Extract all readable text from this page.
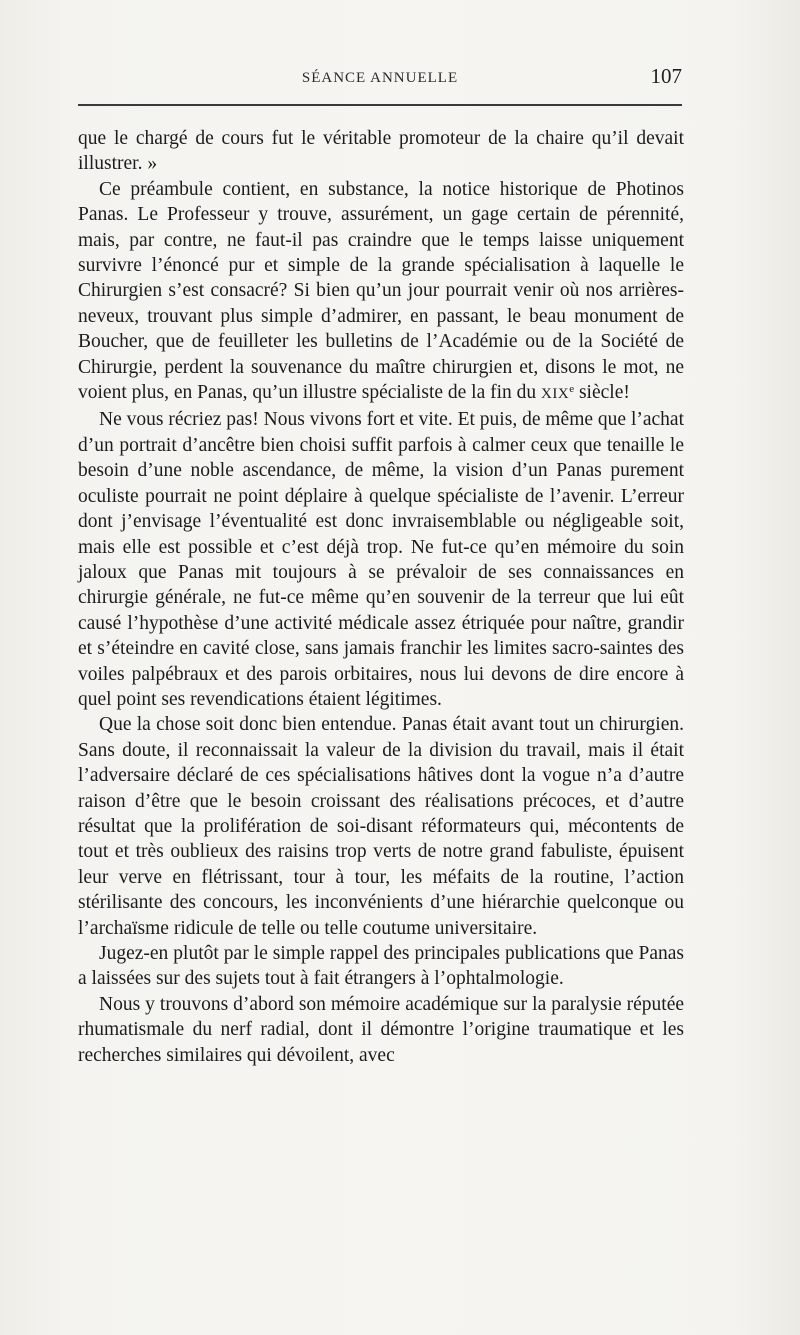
SÉANCE ANNUELLE	107

que le chargé de cours fut le véritable promoteur de la chaire qu’il devait illustrer. »

Ce préambule contient, en substance, la notice historique de Photinos Panas. Le Professeur y trouve, assurément, un gage certain de pérennité, mais, par contre, ne faut-il pas craindre que le temps laisse uniquement survivre l’énoncé pur et simple de la grande spécialisation à laquelle le Chirurgien s’est consacré? Si bien qu’un jour pourrait venir où nos arrières-neveux, trouvant plus simple d’admirer, en passant, le beau monument de Boucher, que de feuilleter les bulletins de l’Académie ou de la Société de Chirurgie, perdent la souvenance du maître chirurgien et, disons le mot, ne voient plus, en Panas, qu’un illustre spécialiste de la fin du XIXe siècle!

Ne vous récriez pas! Nous vivons fort et vite. Et puis, de même que l’achat d’un portrait d’ancêtre bien choisi suffit parfois à calmer ceux que tenaille le besoin d’une noble ascendance, de même, la vision d’un Panas purement oculiste pourrait ne point déplaire à quelque spécialiste de l’avenir. L’erreur dont j’envisage l’éventualité est donc invraisemblable ou négligeable soit, mais elle est possible et c’est déjà trop. Ne fut-ce qu’en mémoire du soin jaloux que Panas mit toujours à se prévaloir de ses connaissances en chirurgie générale, ne fut-ce même qu’en souvenir de la terreur que lui eût causé l’hypothèse d’une activité médicale assez étriquée pour naître, grandir et s’éteindre en cavité close, sans jamais franchir les limites sacro-saintes des voiles palpébraux et des parois orbitaires, nous lui devons de dire encore à quel point ses revendications étaient légitimes.

Que la chose soit donc bien entendue. Panas était avant tout un chirurgien. Sans doute, il reconnaissait la valeur de la division du travail, mais il était l’adversaire déclaré de ces spécialisations hâtives dont la vogue n’a d’autre raison d’être que le besoin croissant des réalisations précoces, et d’autre résultat que la prolifération de soi-disant réformateurs qui, mécontents de tout et très oublieux des raisins trop verts de notre grand fabuliste, épuisent leur verve en flétrissant, tour à tour, les méfaits de la routine, l’action stérilisante des concours, les inconvénients d’une hiérarchie quelconque ou l’archaïsme ridicule de telle ou telle coutume universitaire.

Jugez-en plutôt par le simple rappel des principales publications que Panas a laissées sur des sujets tout à fait étrangers à l’ophtalmologie.

Nous y trouvons d’abord son mémoire académique sur la paralysie réputée rhumatismale du nerf radial, dont il démontre l’origine traumatique et les recherches similaires qui dévoilent, avec
